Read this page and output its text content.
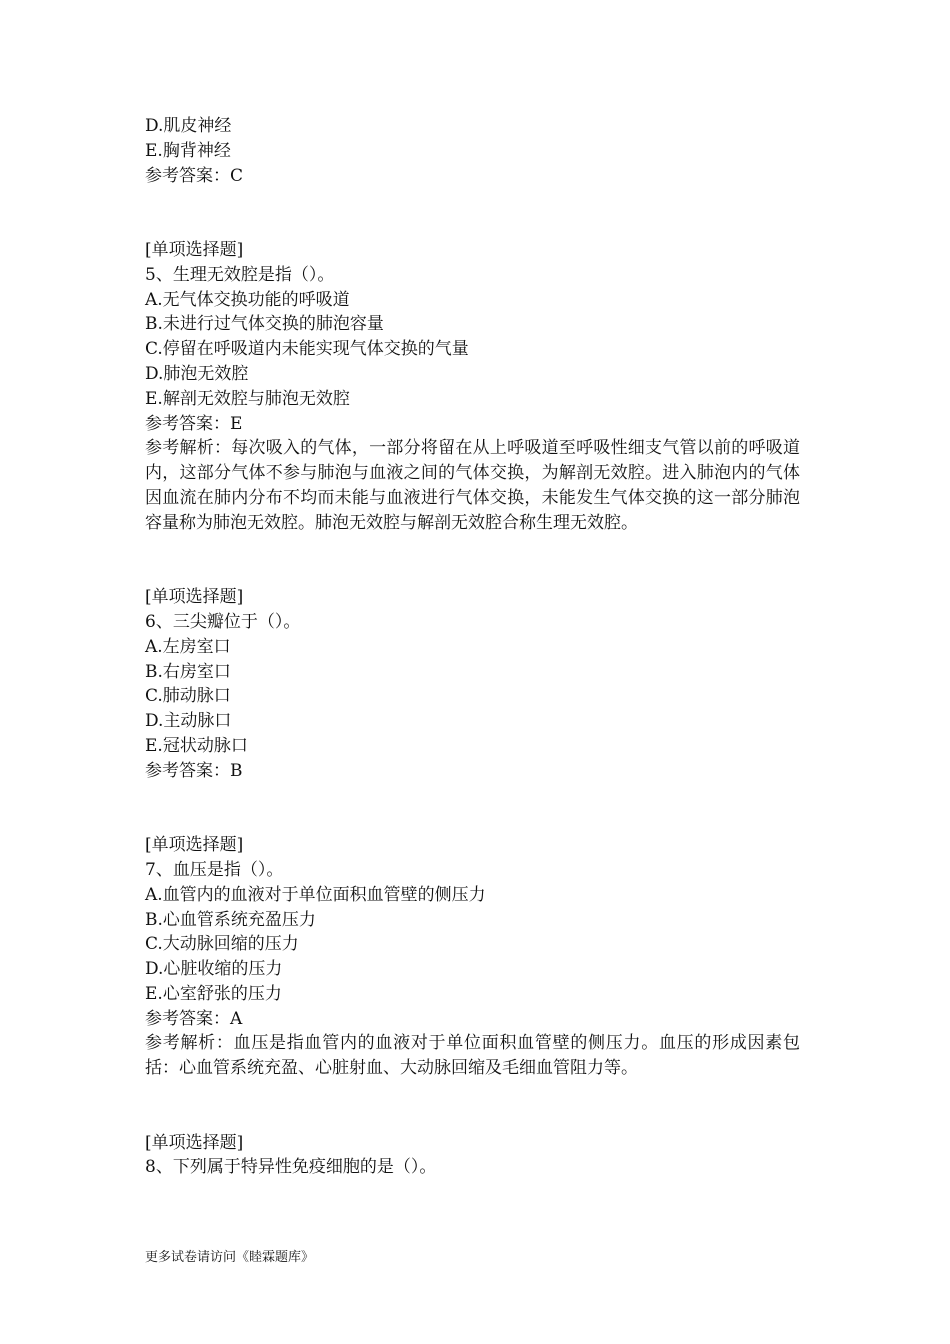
D.肌皮神经
E.胸背神经
参考答案：C
[单项选择题]
5、生理无效腔是指（）。
A.无气体交换功能的呼吸道
B.未进行过气体交换的肺泡容量
C.停留在呼吸道内未能实现气体交换的气量
D.肺泡无效腔
E.解剖无效腔与肺泡无效腔
参考答案：E
参考解析：每次吸入的气体，一部分将留在从上呼吸道至呼吸性细支气管以前的呼吸道内，这部分气体不参与肺泡与血液之间的气体交换，为解剖无效腔。进入肺泡内的气体因血流在肺内分布不均而未能与血液进行气体交换，未能发生气体交换的这一部分肺泡容量称为肺泡无效腔。肺泡无效腔与解剖无效腔合称生理无效腔。
[单项选择题]
6、三尖瓣位于（）。
A.左房室口
B.右房室口
C.肺动脉口
D.主动脉口
E.冠状动脉口
参考答案：B
[单项选择题]
7、血压是指（）。
A.血管内的血液对于单位面积血管壁的侧压力
B.心血管系统充盈压力
C.大动脉回缩的压力
D.心脏收缩的压力
E.心室舒张的压力
参考答案：A
参考解析：血压是指血管内的血液对于单位面积血管壁的侧压力。血压的形成因素包括：心血管系统充盈、心脏射血、大动脉回缩及毛细血管阻力等。
[单项选择题]
8、下列属于特异性免疫细胞的是（）。
更多试卷请访问《睦霖题库》
